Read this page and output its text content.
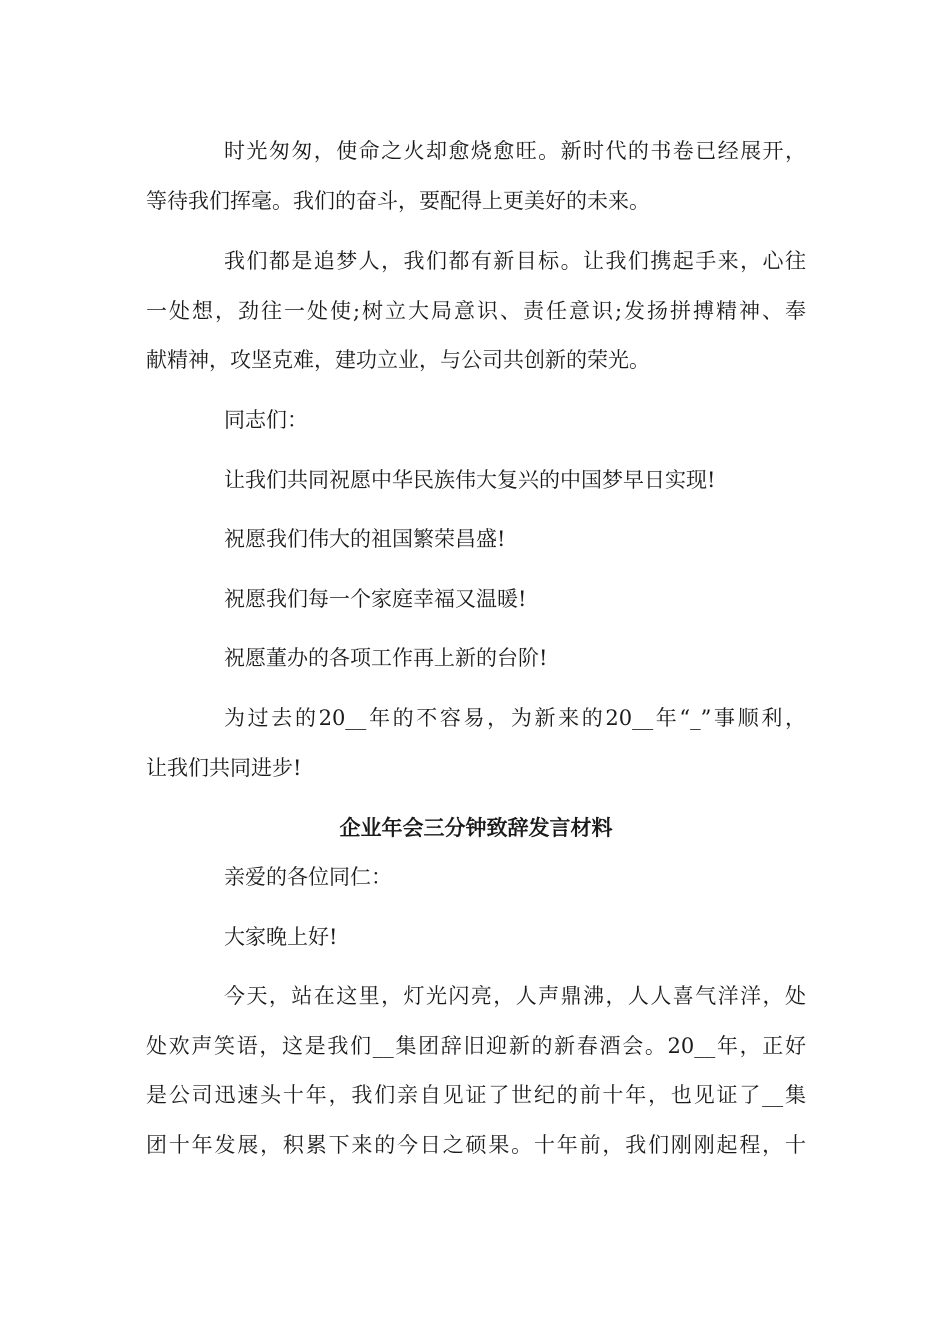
时光匆匆，使命之火却愈烧愈旺。新时代的书卷已经展开，
等待我们挥毫。我们的奋斗，要配得上更美好的未来。
我们都是追梦人，我们都有新目标。让我们携起手来，心往
一处想，劲往一处使;树立大局意识、责任意识;发扬拼搏精神、奉
献精神，攻坚克难，建功立业，与公司共创新的荣光。
同志们：
让我们共同祝愿中华民族伟大复兴的中国梦早日实现!
祝愿我们伟大的祖国繁荣昌盛!
祝愿我们每一个家庭幸福又温暖!
祝愿董办的各项工作再上新的台阶!
为过去的20__年的不容易，为新来的20__年“_”事顺利，
让我们共同进步!
企业年会三分钟致辞发言材料
亲爱的各位同仁：
大家晚上好!
今天，站在这里，灯光闪亮，人声鼎沸，人人喜气洋洋，处
处欢声笑语，这是我们__集团辞旧迎新的新春酒会。20__年，正好
是公司迅速头十年，我们亲自见证了世纪的前十年，也见证了__集
团十年发展，积累下来的今日之硕果。十年前，我们刚刚起程，十
